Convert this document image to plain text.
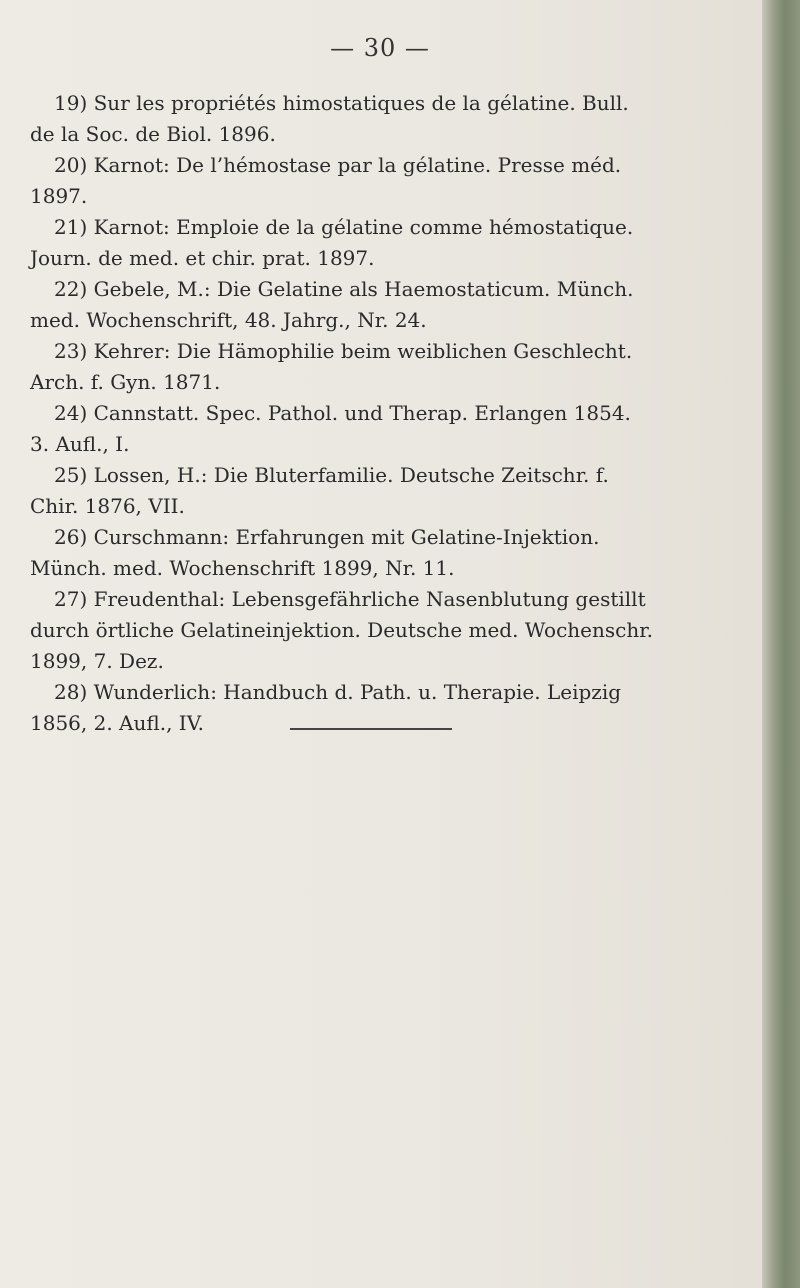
— 30 —
19) Sur les propriétés himostatiques de la gélatine. Bull.
de la Soc. de Biol. 1896.
20) Karnot: De l’hémostase par la gélatine. Presse méd.
1897.
21) Karnot: Emploie de la gélatine comme hémostatique.
Journ. de med. et chir. prat. 1897.
22) Gebele, M.: Die Gelatine als Haemostaticum. Münch.
med. Wochenschrift, 48. Jahrg., Nr. 24.
23) Kehrer: Die Hämophilie beim weiblichen Geschlecht.
Arch. f. Gyn. 1871.
24) Cannstatt. Spec. Pathol. und Therap. Erlangen 1854.
3. Aufl., I.
25) Lossen, H.: Die Bluterfamilie. Deutsche Zeitschr. f.
Chir. 1876, VII.
26) Curschmann: Erfahrungen mit Gelatine-Injektion.
Münch. med. Wochenschrift 1899, Nr. 11.
27) Freudenthal: Lebensgefährliche Nasenblutung gestillt
durch örtliche Gelatineinjektion. Deutsche med. Wochenschr.
1899, 7. Dez.
28) Wunderlich: Handbuch d. Path. u. Therapie. Leipzig
1856, 2. Aufl., IV.
